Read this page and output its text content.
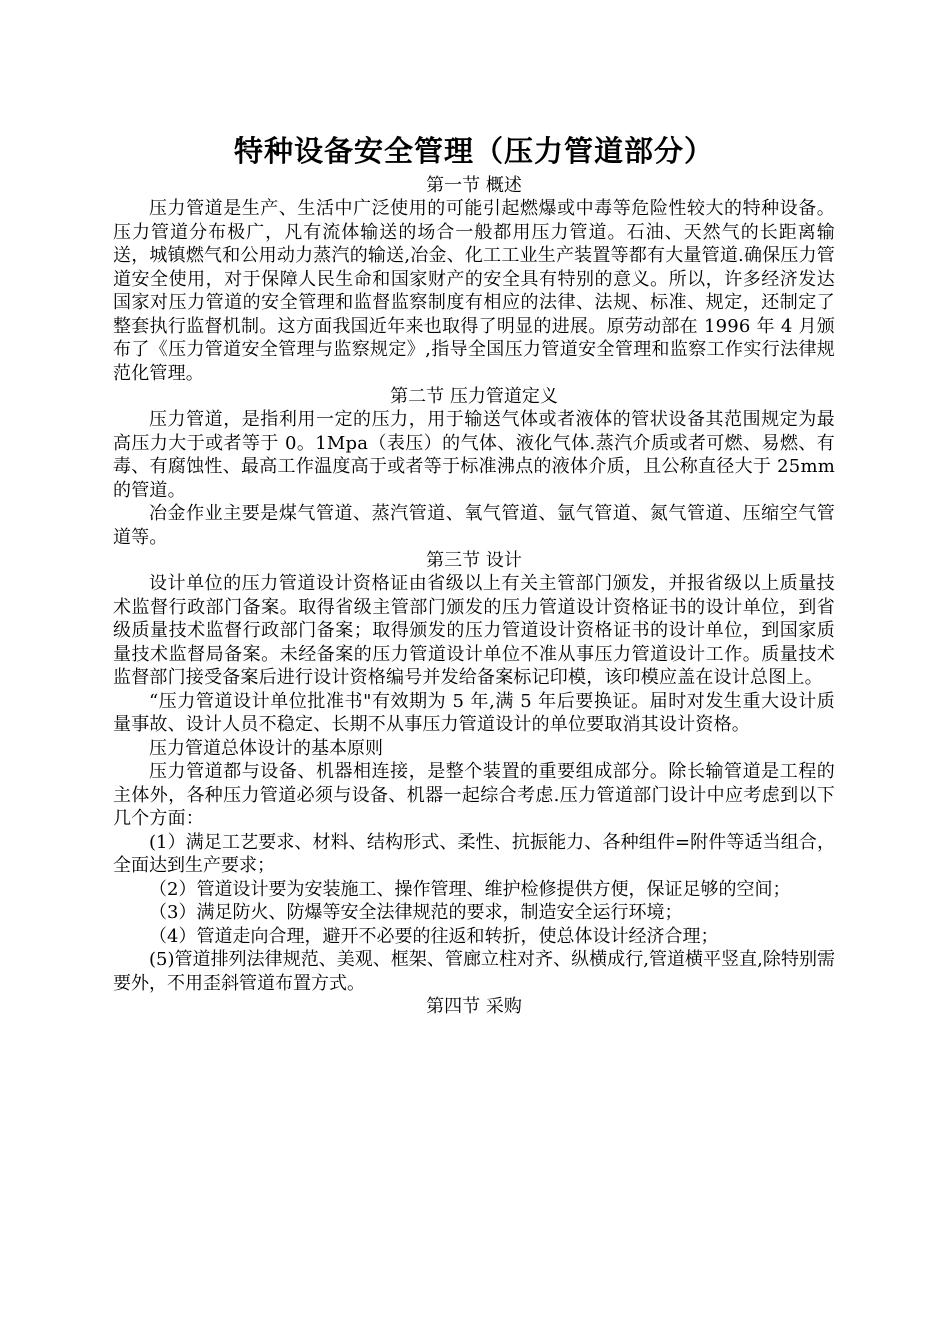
特种设备安全管理（压力管道部分）

第一节 概述

压力管道是生产、生活中广泛使用的可能引起燃爆或中毒等危险性较大的特种设备。压力管道分布极广，凡有流体输送的场合一般都用压力管道。石油、天然气的长距离输送，城镇燃气和公用动力蒸汽的输送,冶金、化工工业生产装置等都有大量管道.确保压力管道安全使用，对于保障人民生命和国家财产的安全具有特别的意义。所以，许多经济发达国家对压力管道的安全管理和监督监察制度有相应的法律、法规、标准、规定，还制定了整套执行监督机制。这方面我国近年来也取得了明显的进展。原劳动部在 1996 年 4 月颁布了《压力管道安全管理与监察规定》,指导全国压力管道安全管理和监察工作实行法律规范化管理。

第二节 压力管道定义

压力管道，是指利用一定的压力，用于输送气体或者液体的管状设备其范围规定为最高压力大于或者等于 0。1Mpa（表压）的气体、液化气体.蒸汽介质或者可燃、易燃、有毒、有腐蚀性、最高工作温度高于或者等于标准沸点的液体介质，且公称直径大于 25mm 的管道。

冶金作业主要是煤气管道、蒸汽管道、氧气管道、氩气管道、氮气管道、压缩空气管道等。

第三节 设计

设计单位的压力管道设计资格证由省级以上有关主管部门颁发，并报省级以上质量技术监督行政部门备案。取得省级主管部门颁发的压力管道设计资格证书的设计单位，到省级质量技术监督行政部门备案；取得颁发的压力管道设计资格证书的设计单位，到国家质量技术监督局备案。未经备案的压力管道设计单位不准从事压力管道设计工作。质量技术监督部门接受备案后进行设计资格编号并发给备案标记印模，该印模应盖在设计总图上。

“压力管道设计单位批准书"有效期为 5 年,满 5 年后要换证。届时对发生重大设计质量事故、设计人员不稳定、长期不从事压力管道设计的单位要取消其设计资格。

压力管道总体设计的基本原则

压力管道都与设备、机器相连接，是整个装置的重要组成部分。除长输管道是工程的主体外，各种压力管道必须与设备、机器一起综合考虑.压力管道部门设计中应考虑到以下几个方面：

(1）满足工艺要求、材料、结构形式、柔性、抗振能力、各种组件=附件等适当组合，全面达到生产要求；

（2）管道设计要为安装施工、操作管理、维护检修提供方便，保证足够的空间；

（3）满足防火、防爆等安全法律规范的要求，制造安全运行环境；

（4）管道走向合理，避开不必要的往返和转折，使总体设计经济合理；

(5)管道排列法律规范、美观、框架、管廊立柱对齐、纵横成行,管道横平竖直,除特别需要外，不用歪斜管道布置方式。

第四节 采购
